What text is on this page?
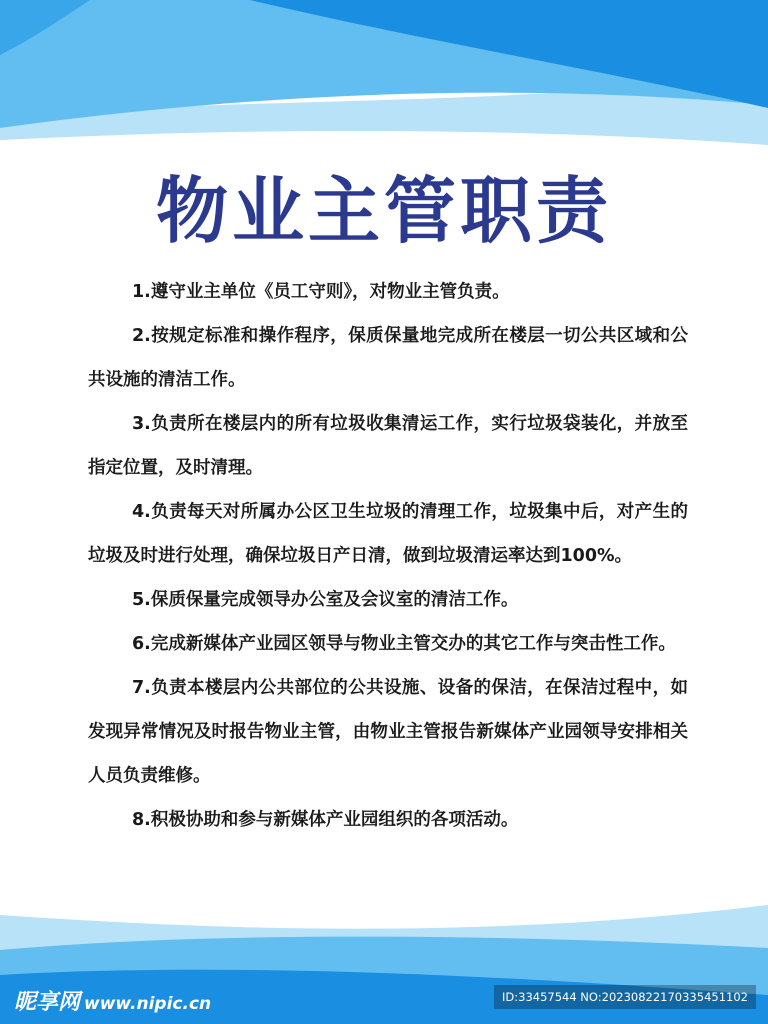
物业主管职责

1.遵守业主单位《员工守则》，对物业主管负责。

2.按规定标准和操作程序，保质保量地完成所在楼层一切公共区域和公共设施的清洁工作。

3.负责所在楼层内的所有垃圾收集清运工作，实行垃圾袋装化，并放至指定位置，及时清理。

4.负责每天对所属办公区卫生垃圾的清理工作，垃圾集中后，对产生的垃圾及时进行处理，确保垃圾日产日清，做到垃圾清运率达到100%。

5.保质保量完成领导办公室及会议室的清洁工作。

6.完成新媒体产业园区领导与物业主管交办的其它工作与突击性工作。

7.负责本楼层内公共部位的公共设施、设备的保洁，在保洁过程中，如发现异常情况及时报告物业主管，由物业主管报告新媒体产业园领导安排相关人员负责维修。

8.积极协助和参与新媒体产业园组织的各项活动。

昵享网 www.nipic.cn	ID:33457544 NO:20230822170335451102
